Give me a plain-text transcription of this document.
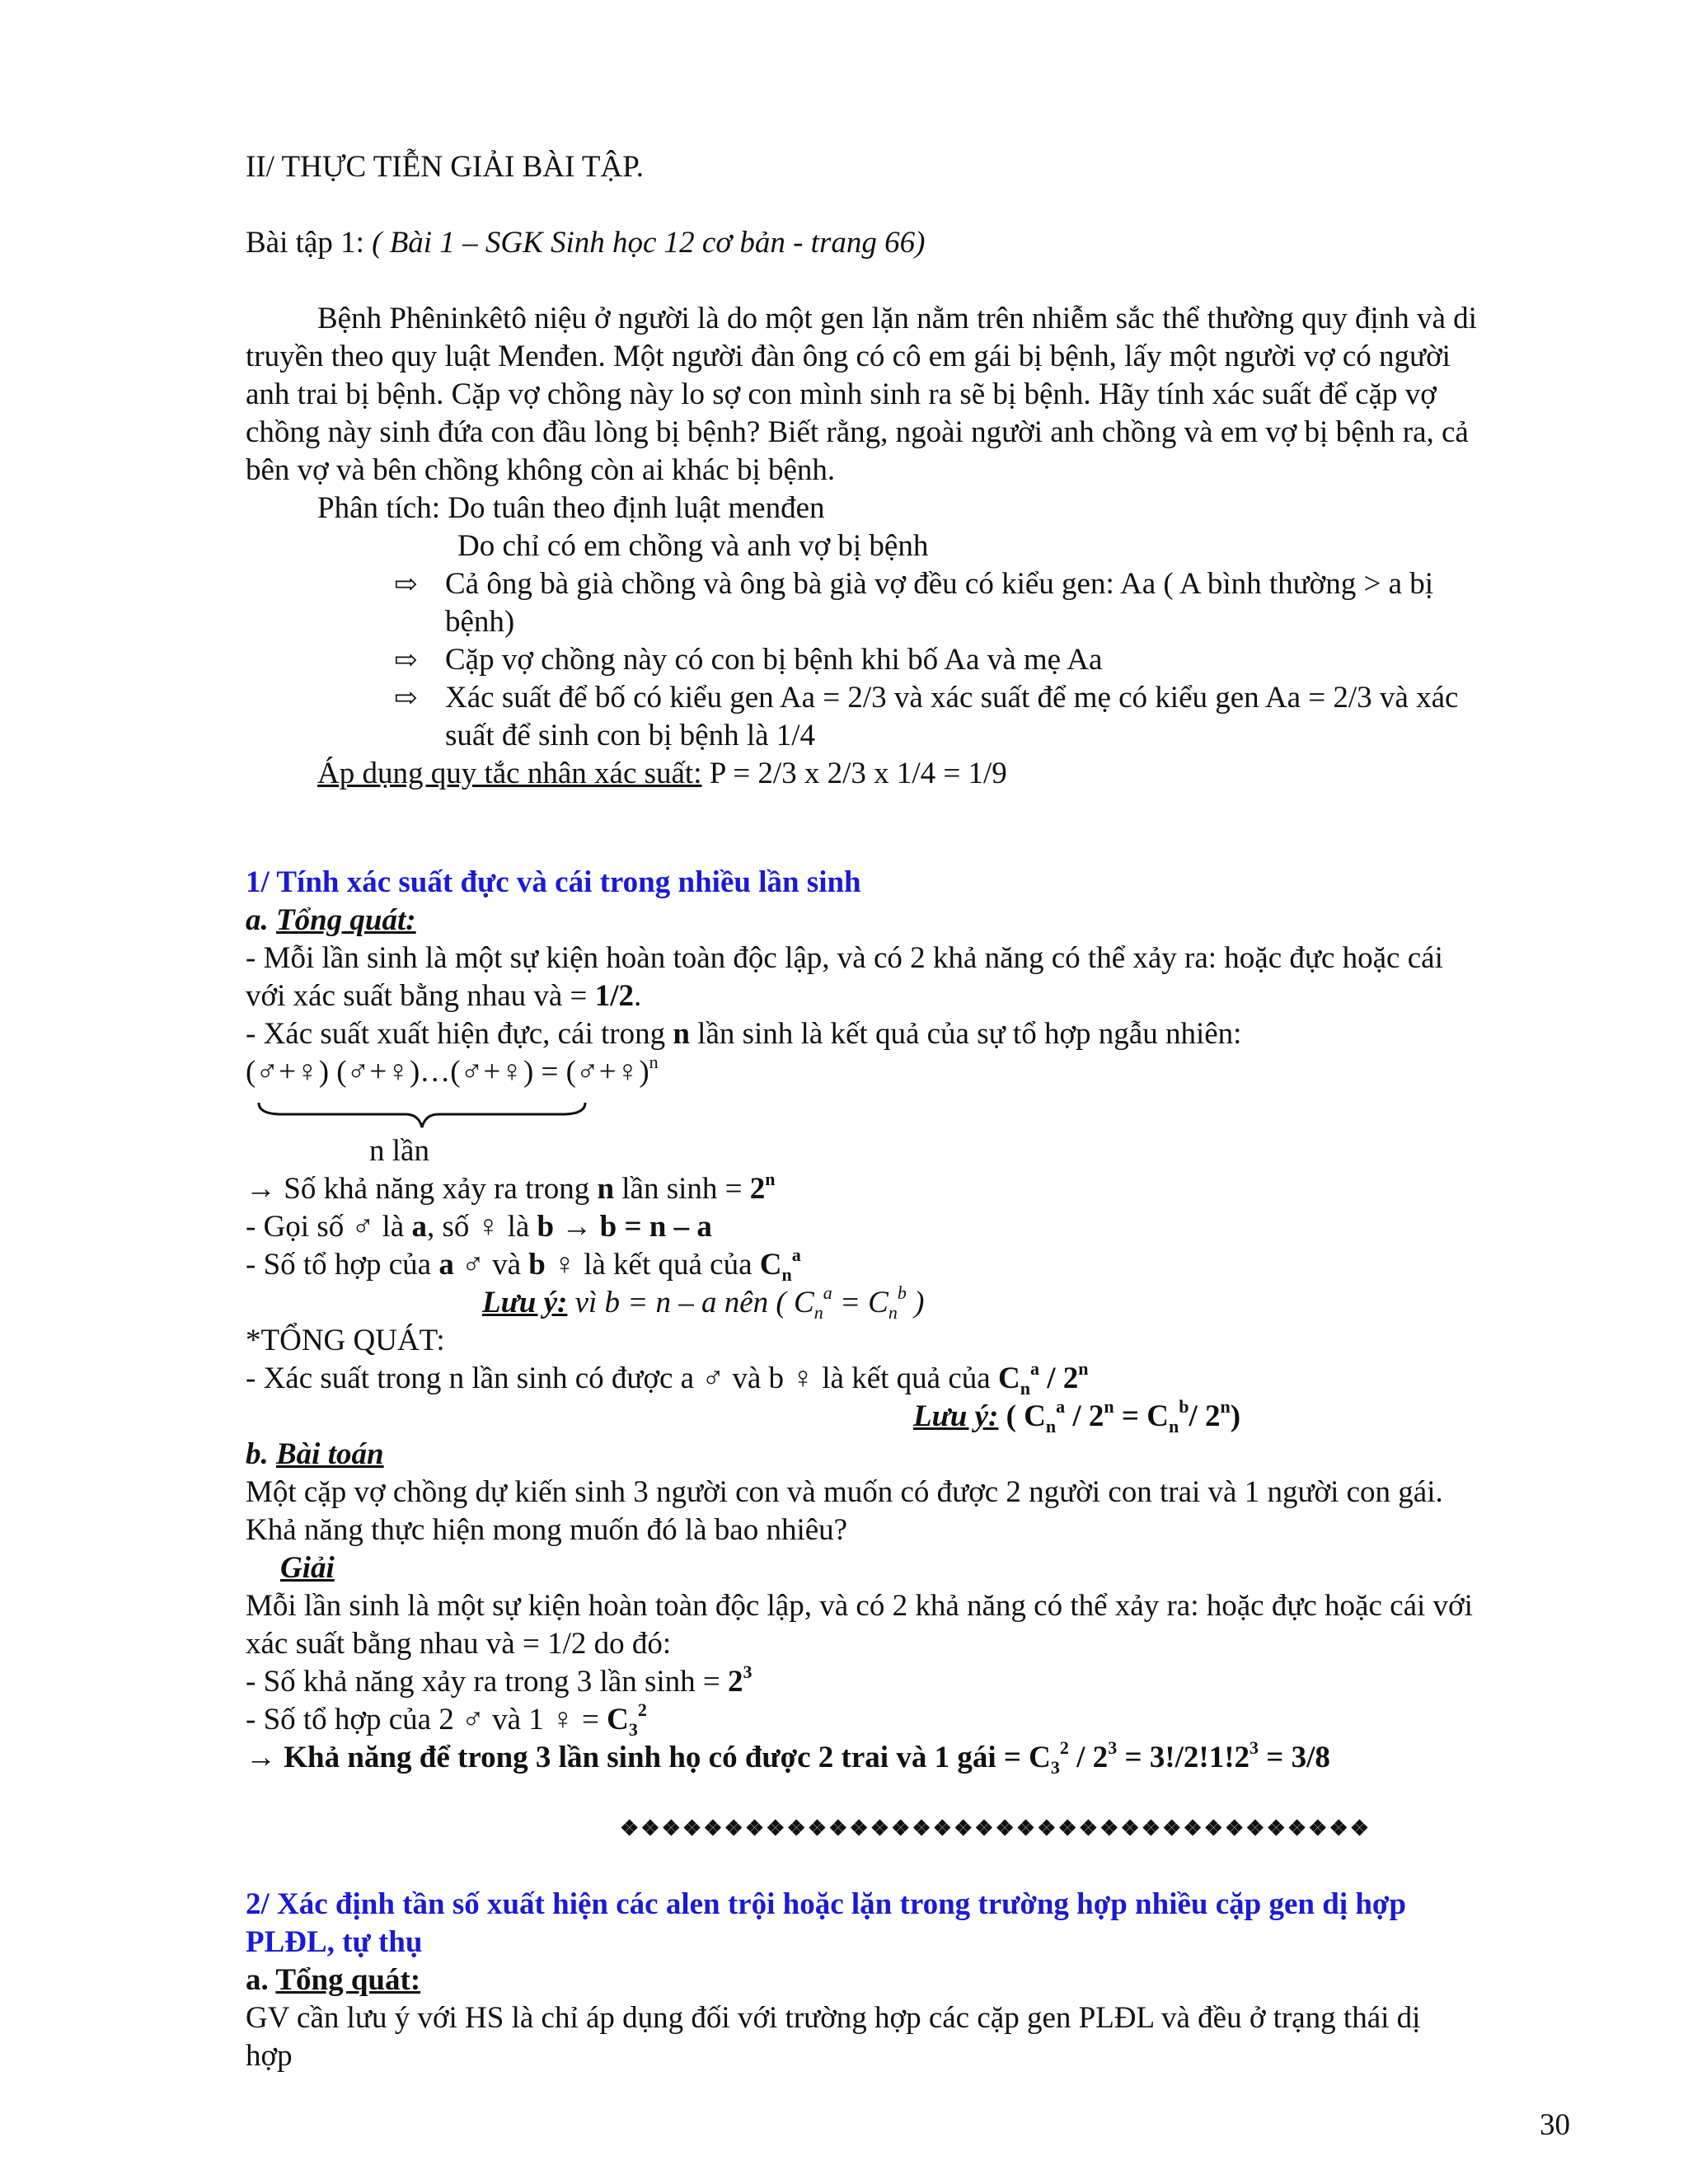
II/ THỰC TIỄN GIẢI BÀI TẬP.
Bài tập 1: ( Bài 1 – SGK Sinh học 12 cơ bản - trang 66)
Bệnh Phêninkêtô niệu ở người là do một gen lặn nằm trên nhiễm sắc thể thường quy định và di
truyền theo quy luật Menđen. Một người đàn ông có cô em gái bị bệnh, lấy một người vợ có người
anh trai bị bệnh. Cặp vợ chồng này lo sợ con mình sinh ra sẽ bị bệnh. Hãy tính xác suất để cặp vợ
chồng này sinh đứa con đầu lòng bị bệnh? Biết rằng, ngoài người anh chồng và em vợ bị bệnh ra, cả
bên vợ và bên chồng không còn ai khác bị bệnh.
Phân tích: Do tuân theo định luật menđen
Do chỉ có em chồng và anh vợ bị bệnh
⇨ Cả ông bà già chồng và ông bà già vợ đều có kiểu gen: Aa ( A bình thường > a bị
bệnh)
⇨ Cặp vợ chồng này có con bị bệnh khi bố Aa và mẹ Aa
⇨ Xác suất để bố có kiểu gen Aa = 2/3 và xác suất để mẹ có kiểu gen Aa = 2/3 và xác
suất để sinh con bị bệnh là 1/4
Áp dụng quy tắc nhân xác suất: P = 2/3 x 2/3 x 1/4 = 1/9
1/ Tính xác suất đực và cái trong nhiều lần sinh
a. Tổng quát:
- Mỗi lần sinh là một sự kiện hoàn toàn độc lập, và có 2 khả năng có thể xảy ra: hoặc đực hoặc cái
với xác suất bằng nhau và = 1/2.
- Xác suất xuất hiện đực, cái trong n lần sinh là kết quả của sự tổ hợp ngẫu nhiên:
(♂+♀) (♂+♀)…(♂+♀) = (♂+♀)$^n$
n lần
→ Số khả năng xảy ra trong n lần $\sinh = 2^n$
- Gọi số ♂ là a, số ♀ là b → b = n – a
- Số tổ hợp của a ♂ và b ♀ là kết quả của $C_n^a$
Lưu ý: vì b = n – a nên ( $C_n^a = C_n^b$ )
*TỔNG QUÁT:
- Xác suất trong n lần sinh có được a ♂ và b ♀ là kết quả của $C_n^a / 2^n$
Lưu ý: ( $C_n^a / 2^n = C_n^b/$ 2$^n$)
b. Bài toán
Một cặp vợ chồng dự kiến sinh 3 người con và muốn có được 2 người con trai và 1 người con gái.
Khả năng thực hiện mong muốn đó là bao nhiêu?
Giải
Mỗi lần sinh là một sự kiện hoàn toàn độc lập, và có 2 khả năng có thể xảy ra: hoặc đực hoặc cái với
xác suất bằng nhau và = 1/2 do đó:
- Số khả năng xảy ra trong 3 lần $\sinh = 2^3$
- Số tổ hợp của 2 ♂ và 1 ♀ = $C_3^2$
→ Khả năng để trong 3 lần sinh họ có được 2 trai và 1 gái = $C_3^2 / 2^3 = 3!/2!1!2^3 = 3/8$
❖❖❖❖❖❖❖❖❖❖❖❖❖❖❖❖❖❖❖❖❖❖❖❖❖❖❖❖❖❖❖❖❖❖❖❖
2/ Xác định tần số xuất hiện các alen trội hoặc lặn trong trường hợp nhiều cặp gen dị hợp
PLĐL, tự thụ
a. Tổng quát:
GV cần lưu ý với HS là chỉ áp dụng đối với trường hợp các cặp gen PLĐL và đều ở trạng thái dị
hợp
30
